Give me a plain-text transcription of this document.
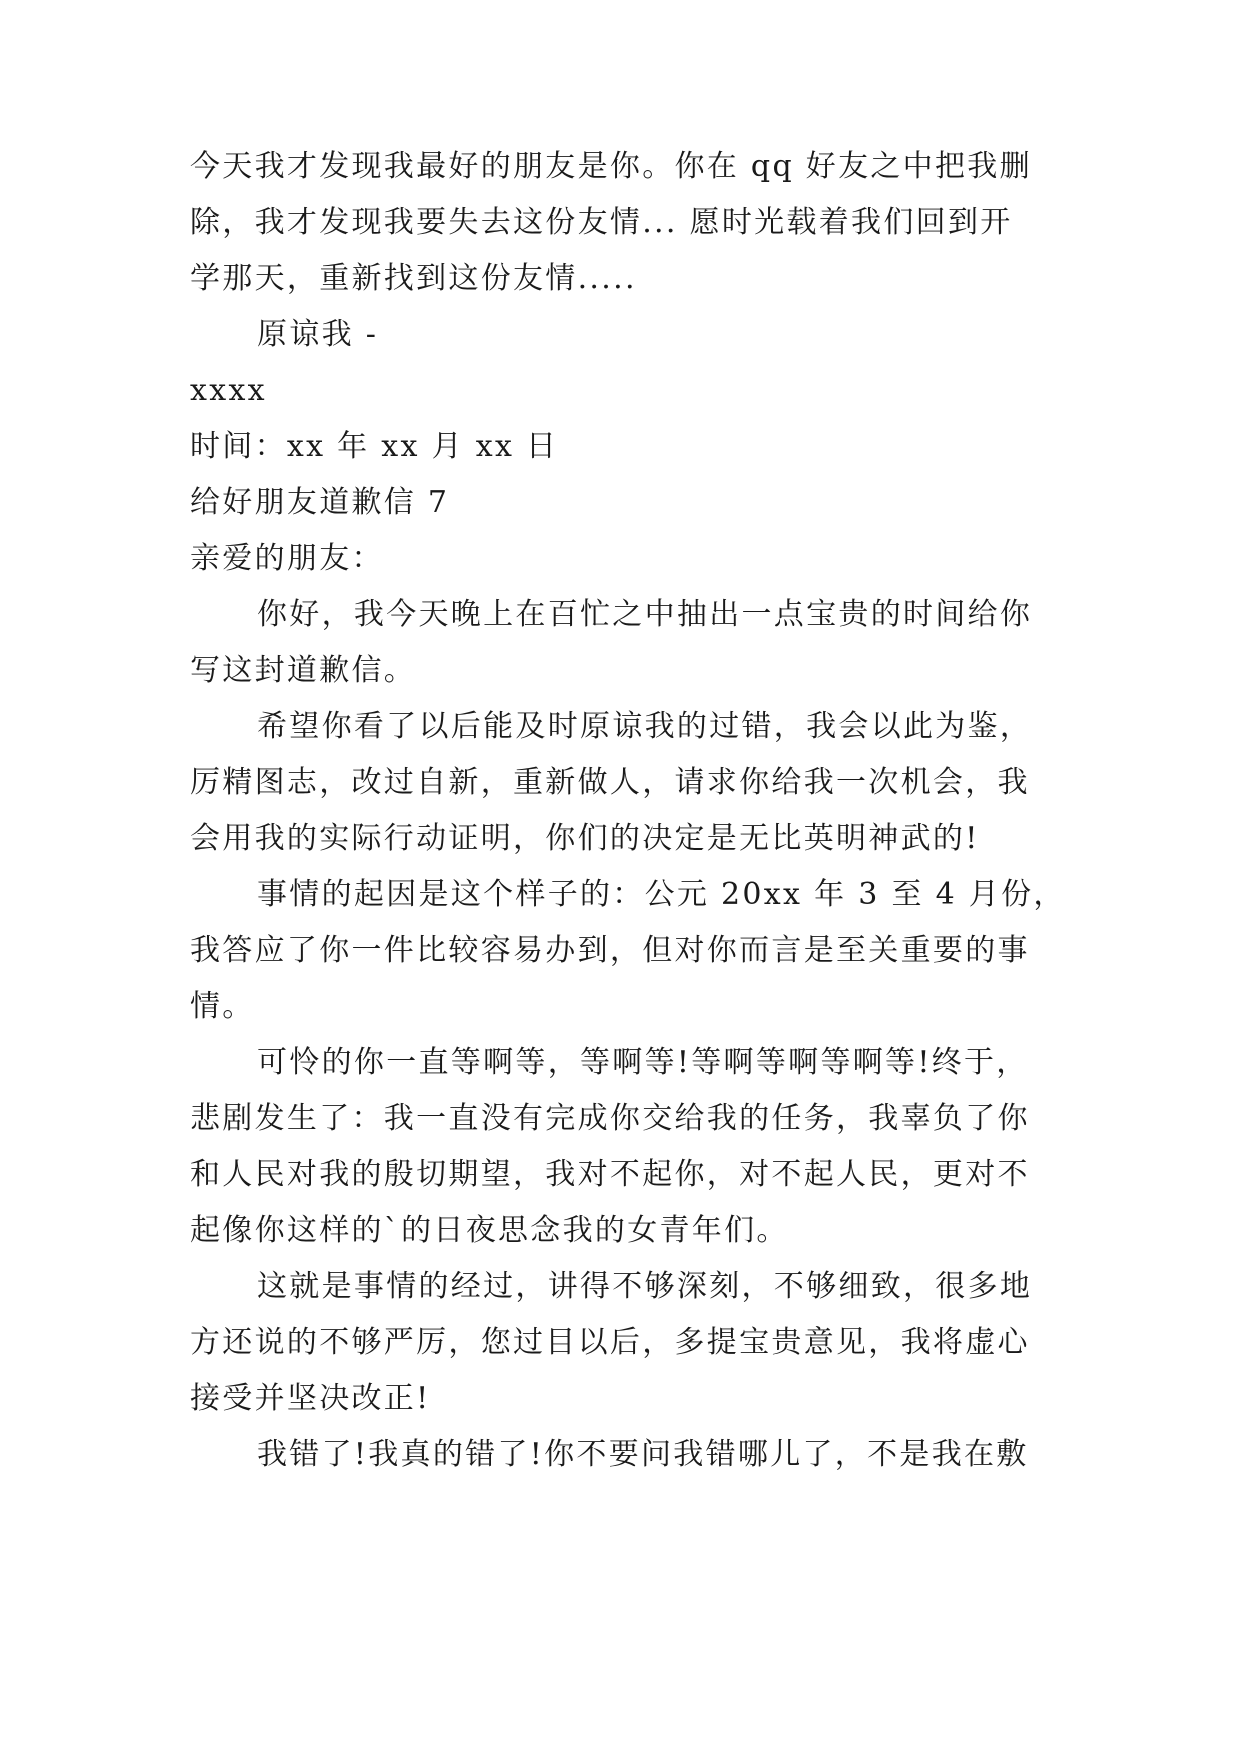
今天我才发现我最好的朋友是你。你在 qq 好友之中把我删

除，我才发现我要失去这份友情... 愿时光载着我们回到开

学那天，重新找到这份友情.....

原谅我 -

xxxx

时间：xx 年 xx 月 xx 日

给好朋友道歉信 7

亲爱的朋友：

你好，我今天晚上在百忙之中抽出一点宝贵的时间给你

写这封道歉信。

希望你看了以后能及时原谅我的过错，我会以此为鉴，

厉精图志，改过自新，重新做人，请求你给我一次机会，我

会用我的实际行动证明，你们的决定是无比英明神武的!

事情的起因是这个样子的：公元 20xx 年 3 至 4 月份，

我答应了你一件比较容易办到，但对你而言是至关重要的事

情。

可怜的你一直等啊等，等啊等!等啊等啊等啊等!终于，

悲剧发生了：我一直没有完成你交给我的任务，我辜负了你

和人民对我的殷切期望，我对不起你，对不起人民，更对不

起像你这样的`的日夜思念我的女青年们。

这就是事情的经过，讲得不够深刻，不够细致，很多地

方还说的不够严厉，您过目以后，多提宝贵意见，我将虚心

接受并坚决改正!

我错了!我真的错了!你不要问我错哪儿了，不是我在敷
